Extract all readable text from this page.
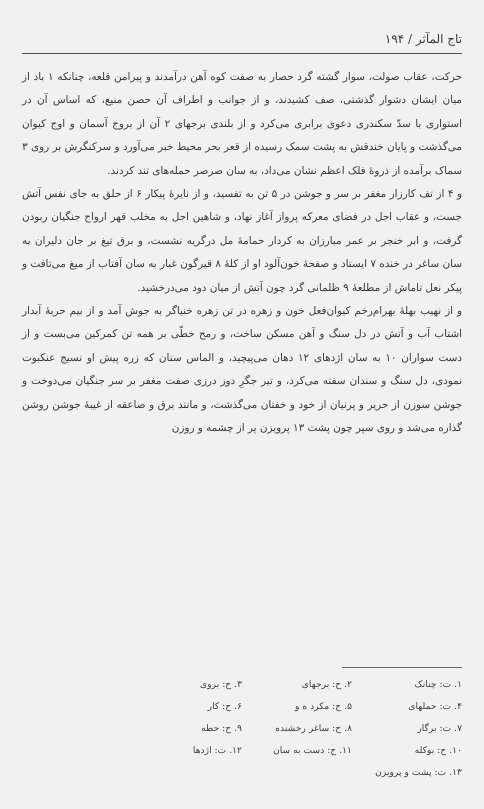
تاج المآثر / ۱۹۴

حرکت، عقاب صولت، سوار گشته گرد حصار به صفت کوه آهن درآمدند و پیرامن قلعه، چنانکه ۱ باد از میان ایشان دشوار گذشتی، صف کشیدند، و از جوانب و اطراف آن حصن منیع، که اساس آن در استواری با سدّ سکندری دعوی برابری می‌کرد و از بلندی برجهای ۲ آن از بروج آسمان و اوج کیوان می‌گذشت و پایان خندقش به پشت سمک رسیده از قعر بحر محیط خبر می‌آورد و سرکنگرش بر روی ۳ سماک برآمده از ذروهٔ فلک اعظم نشان می‌داد، به سان صرصر حمله‌های تند کردند.

و ۴ از تف کارزار مغفر بر سر و جوشن در ۵ تن به تفسید، و از نایرهٔ پیکار ۶ از حلق به جای نفس آتش جست، و عقاب اجل در فضای معرکه پرواز آغاز نهاد، و شاهین اجل به مخلب قهر ارواح جنگیان ربودن گرفت، و ابر خنجر بر عمر مبارزان به کردار حمامهٔ مل درگریه نشست، و برق تیغ بر جان دلیران به سان ساغر در خنده ۷ ایستاد و صفحهٔ خون‌آلود او از کلهٔ ۸ قیرگون غبار به سان آفتاب از میغ می‌تافت و پیکر نعل تاماش از مطلعهٔ ۹ ظلمانی گرد چون آتش از میان دود می‌درخشید.

و از نهیب بهلهٔ بهرام‌رخم کیوان‌فعل خون و زهره در تن زهره خنیاگر به جوش آمد و از بیم حربهٔ آبدار اشتاب آب و آتش در دل سنگ و آهن مسکن ساخت، و رمح خطّی بر همه تن کمرکین می‌بست و از دست سواران ۱۰ به سان اژدهای ۱۲ دهان می‌پیچید، و الماس سنان که زره پیش او نسیج عنکبوت نمودی، دل سنگ و سندان سفته می‌کرد، و تیر جگرِ دوز درزی صفت مغفر بر سر جنگیان می‌دوخت و جوشن سوزن از حریر و پرنیان از خود و خفتان می‌گذشت، و مانند برق و صاعقه از غیبهٔ جوشن روشن گذاره می‌شد و روی سپر چون پشت ۱۳ پرویزن پر از چشمه و روزن

۱. ت: چنانک
۲. ح: برجهای
۳. ح: بروی
۴. ت: حملهای
۵. ح: مکرد ه و
۶. ح: کار
۷. ت: برگار
۸. ح: ساغر رخشنده
۹. ح: حطه
۱۰. ح: بوکله
۱۱. ح: دست به سان
۱۲. ت: اژدها
۱۳. ت: پشت و پرویزن
